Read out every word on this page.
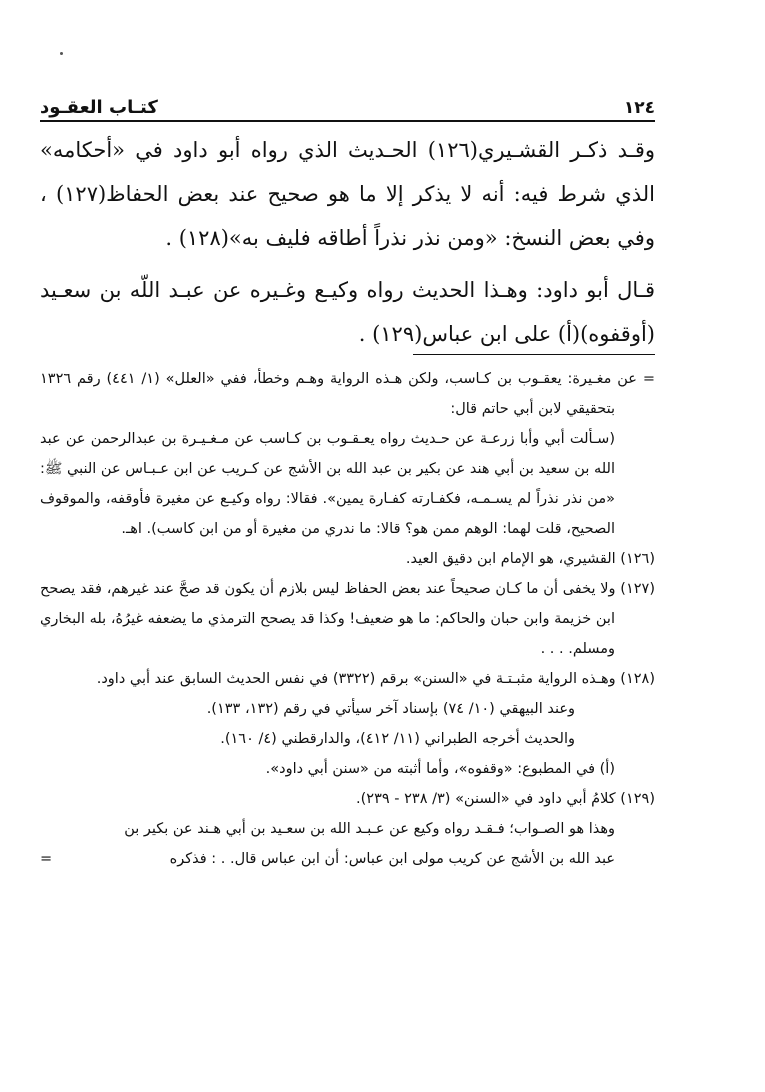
١٢٤
كتـاب العقـود

وقـد ذكـر القشـيري(١٢٦) الحـديث الذي رواه أبو داود في «أحكامه» الذي شرط فيه: أنه لا يذكر إلا ما هو صحيح عند بعض الحفاظ(١٢٧) ، وفي بعض النسخ: «ومن نذر نذراً أطاقه فليف به»(١٢٨) .

قـال أبو داود: وهـذا الحديث رواه وكيـع وغـيره عن عبـد اللّه بن سعـيد (أوقفوه)(أ) على ابن عباس(١٢٩) .

= عن مغـيرة: يعقـوب بن كـاسب، ولكن هـذه الرواية وهـم وخطأ، ففي «العلل» (١/ ٤٤١) رقم ١٣٢٦ بتحقيقي لابن أبي حاتم قال:

(سـألت أبي وأبا زرعـة عن حـديث رواه يعـقـوب بن كـاسب عن مـغـيـرة بن عبدالرحمن عن عبد الله بن سعيد بن أبي هند عن بكير بن عبد الله بن الأشج عن كـريب عن ابن عـبـاس عن النبي ﷺ: «من نذر نذراً لم يسـمـه، فكفـارته كفـارة يمين». فقالا: رواه وكيـع عن مغيرة فأوقفه، والموقوف الصحيح، قلت لهما: الوهم ممن هو؟ قالا: ما ندري من مغيرة أو من ابن كاسب). اهـ.

(١٢٦) القشيري، هو الإمام ابن دقيق العيد.

(١٢٧) ولا يخفى أن ما كـان صحيحاً عند بعض الحفاظ ليس بلازم أن يكون قد صحَّ عند غيرهم، فقد يصحح ابن خزيمة وابن حبان والحاكم: ما هو ضعيف! وكذا قد يصحح الترمذي ما يضعفه غيرُهُ، بله البخاري ومسلم. . . .

(١٢٨) وهـذه الرواية مثبـتـة في «السنن» برقم (٣٣٢٢) في نفس الحديث السابق عند أبي داود.

وعند البيهقي (١٠/ ٧٤) بإسناد آخر سيأتي في رقم (١٣٢، ١٣٣).

والحديث أخرجه الطبراني (١١/ ٤١٢)، والدارقطني (٤/ ١٦٠).

(أ) في المطبوع: «وقفوه»، وأما أثبته من «سنن أبي داود».

(١٢٩) كلامُ أبي داود في «السنن» (٣/ ٢٣٨ - ٢٣٩).

وهذا هو الصـواب؛ فـقـد رواه وكيع عن عـبـد الله بن سعـيد بن أبي هـند عن بكير بن

عبد الله بن الأشج عن كريب مولى ابن عباس: أن ابن عباس قال. . : فذكره
=
